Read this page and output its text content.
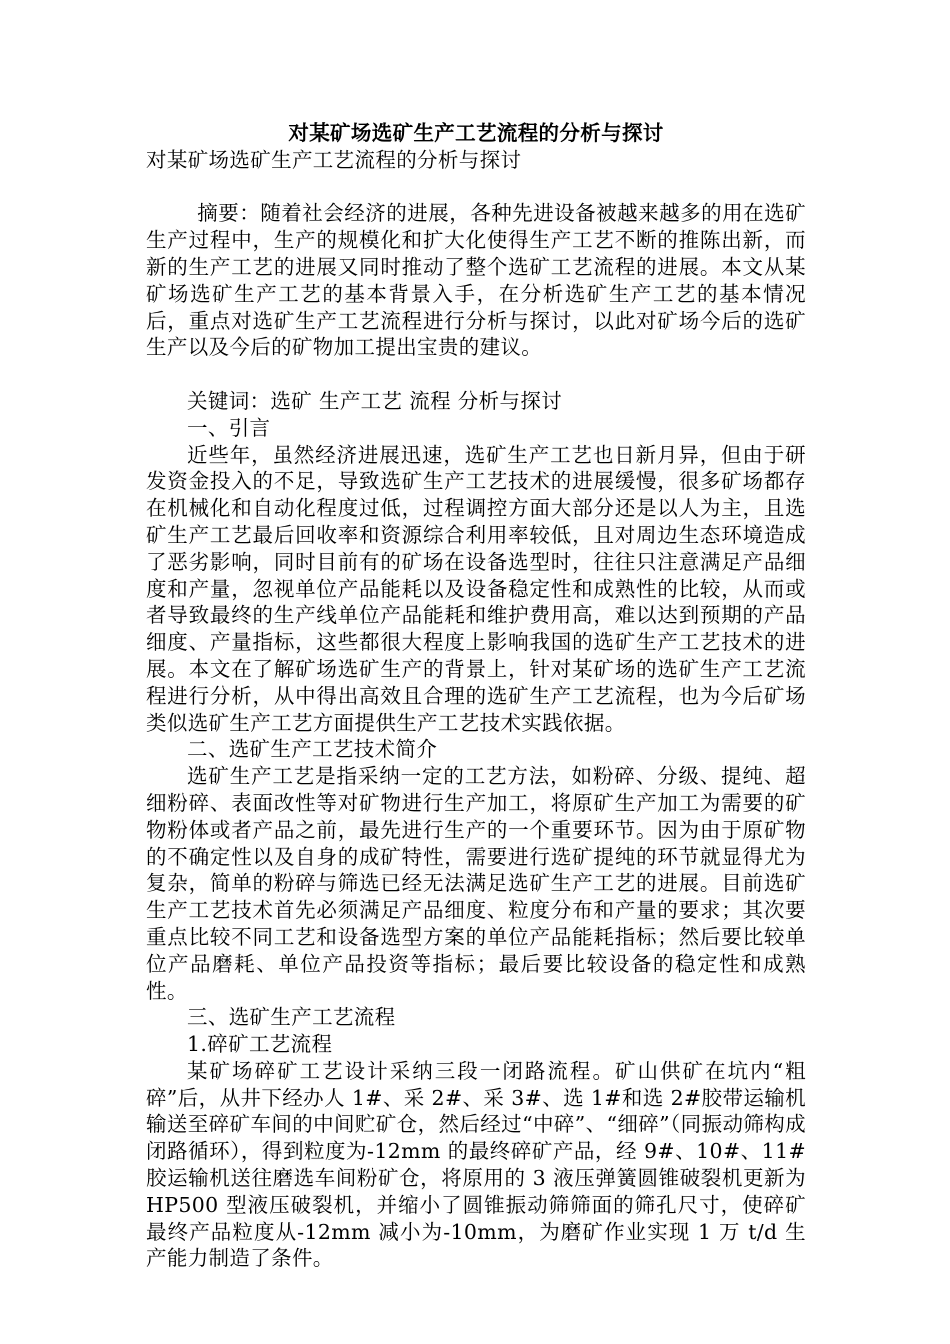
对某矿场选矿生产工艺流程的分析与探讨

对某矿场选矿生产工艺流程的分析与探讨

摘要：随着社会经济的进展，各种先进设备被越来越多的用在选矿生产过程中，生产的规模化和扩大化使得生产工艺不断的推陈出新，而新的生产工艺的进展又同时推动了整个选矿工艺流程的进展。本文从某矿场选矿生产工艺的基本背景入手，在分析选矿生产工艺的基本情况后，重点对选矿生产工艺流程进行分析与探讨，以此对矿场今后的选矿生产以及今后的矿物加工提出宝贵的建议。

关键词：选矿 生产工艺 流程 分析与探讨

一、引言

近些年，虽然经济进展迅速，选矿生产工艺也日新月异，但由于研发资金投入的不足，导致选矿生产工艺技术的进展缓慢，很多矿场都存在机械化和自动化程度过低，过程调控方面大部分还是以人为主，且选矿生产工艺最后回收率和资源综合利用率较低，且对周边生态环境造成了恶劣影响，同时目前有的矿场在设备选型时，往往只注意满足产品细度和产量，忽视单位产品能耗以及设备稳定性和成熟性的比较，从而或者导致最终的生产线单位产品能耗和维护费用高，难以达到预期的产品细度、产量指标，这些都很大程度上影响我国的选矿生产工艺技术的进展。本文在了解矿场选矿生产的背景上，针对某矿场的选矿生产工艺流程进行分析，从中得出高效且合理的选矿生产工艺流程，也为今后矿场类似选矿生产工艺方面提供生产工艺技术实践依据。

二、选矿生产工艺技术简介

选矿生产工艺是指采纳一定的工艺方法，如粉碎、分级、提纯、超细粉碎、表面改性等对矿物进行生产加工，将原矿生产加工为需要的矿物粉体或者产品之前，最先进行生产的一个重要环节。因为由于原矿物的不确定性以及自身的成矿特性，需要进行选矿提纯的环节就显得尤为复杂，简单的粉碎与筛选已经无法满足选矿生产工艺的进展。目前选矿生产工艺技术首先必须满足产品细度、粒度分布和产量的要求；其次要重点比较不同工艺和设备选型方案的单位产品能耗指标；然后要比较单位产品磨耗、单位产品投资等指标；最后要比较设备的稳定性和成熟性。

三、选矿生产工艺流程

1.碎矿工艺流程

某矿场碎矿工艺设计采纳三段一闭路流程。矿山供矿在坑内“粗碎”后，从井下经办人 1#、采 2#、采 3#、选 1#和选 2#胶带运输机输送至碎矿车间的中间贮矿仓，然后经过“中碎”、“细碎”（同振动筛构成闭路循环），得到粒度为-12mm 的最终碎矿产品，经 9#、10#、11#胶运输机送往磨选车间粉矿仓，将原用的 3 液压弹簧圆锥破裂机更新为 HP500 型液压破裂机，并缩小了圆锥振动筛筛面的筛孔尺寸，使碎矿最终产品粒度从-12mm 减小为-10mm，为磨矿作业实现 1 万 t/d 生产能力制造了条件。
